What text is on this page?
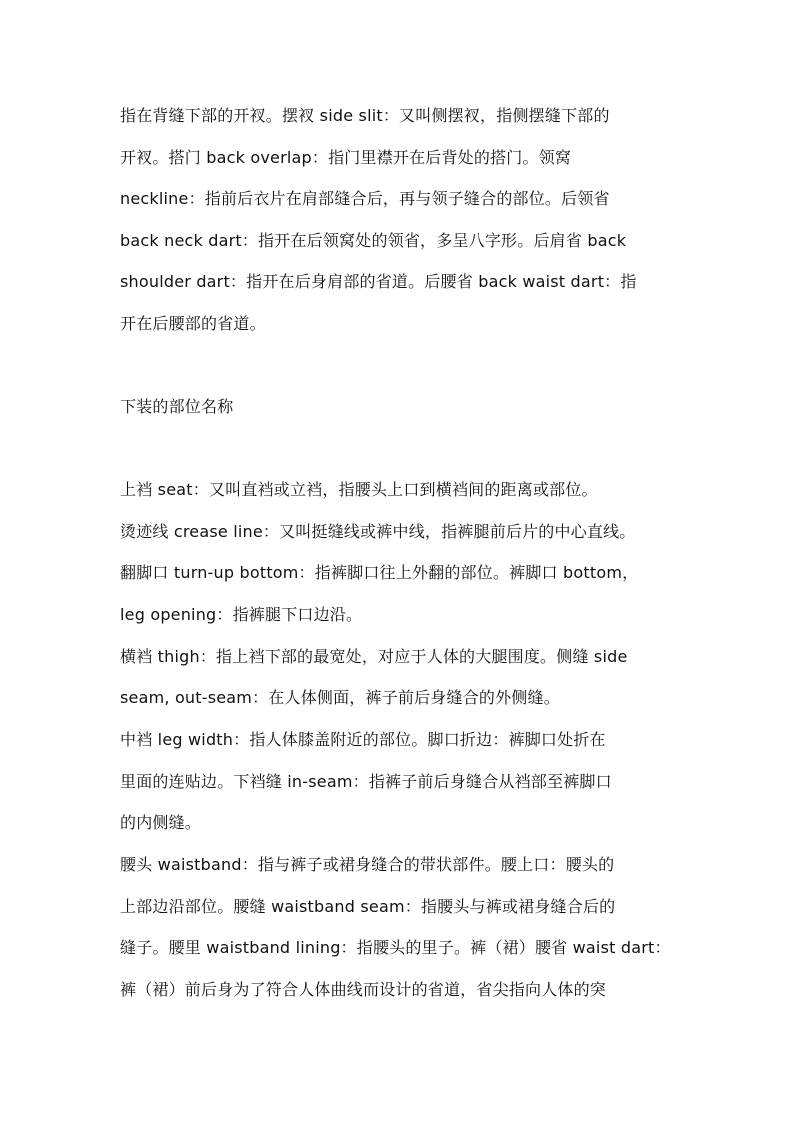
指在背缝下部的开衩。摆衩 side slit：又叫侧摆衩，指侧摆缝下部的
开衩。搭门 back overlap：指门里襟开在后背处的搭门。领窝
neckline：指前后衣片在肩部缝合后，再与领子缝合的部位。后领省
back neck dart：指开在后领窝处的领省，多呈八字形。后肩省 back
shoulder dart：指开在后身肩部的省道。后腰省 back waist dart：指
开在后腰部的省道。
下装的部位名称
上裆 seat：又叫直裆或立裆，指腰头上口到横裆间的距离或部位。
烫迹线 crease line：又叫挺缝线或裤中线，指裤腿前后片的中心直线。
翻脚口 turn-up bottom：指裤脚口往上外翻的部位。裤脚口 bottom，
leg opening：指裤腿下口边沿。
横裆 thigh：指上裆下部的最宽处，对应于人体的大腿围度。侧缝 side
seam, out-seam：在人体侧面，裤子前后身缝合的外侧缝。
中裆 leg width：指人体膝盖附近的部位。脚口折边：裤脚口处折在
里面的连贴边。下裆缝 in-seam：指裤子前后身缝合从裆部至裤脚口
的内侧缝。
腰头 waistband：指与裤子或裙身缝合的带状部件。腰上口：腰头的
上部边沿部位。腰缝 waistband seam：指腰头与裤或裙身缝合后的
缝子。腰里 waistband lining：指腰头的里子。裤（裙）腰省 waist dart：
裤（裙）前后身为了符合人体曲线而设计的省道，省尖指向人体的突
